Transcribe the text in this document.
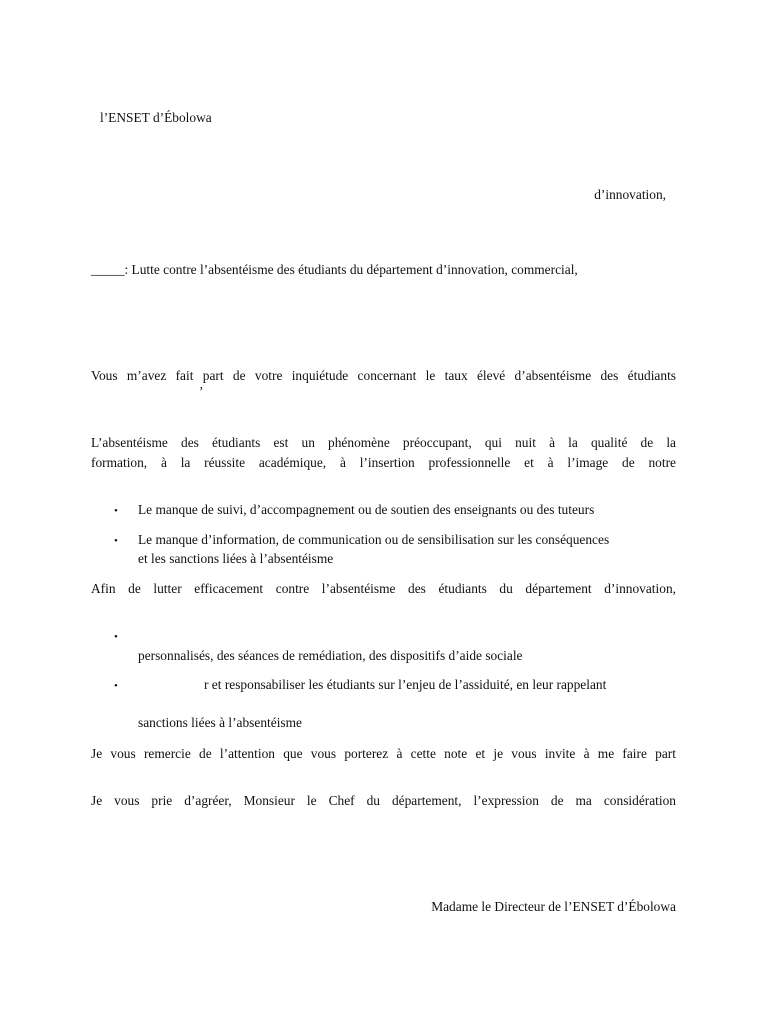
l’ENSET d’Ébolowa
d’innovation,
_____: Lutte contre l’absentéisme des étudiants du département d’innovation, commercial,
Vous m’avez fait part de votre inquiétude concernant le taux élevé d’absentéisme des étudiants
’
L’absentéisme des étudiants est un phénomène préoccupant, qui nuit à la qualité de la
formation, à la réussite académique, à l’insertion professionnelle et à l’image de notre
• Le manque de suivi, d’accompagnement ou de soutien des enseignants ou des tuteurs
• Le manque d’information, de communication ou de sensibilisation sur les conséquences
et les sanctions liées à l’absentéisme
Afin de lutter efficacement contre l’absentéisme des étudiants du département d’innovation,
•
personnalisés, des séances de remédiation, des dispositifs d’aide sociale
•	r et responsabiliser les étudiants sur l’enjeu de l’assiduité, en leur rappelant
sanctions liées à l’absentéisme
Je vous remercie de l’attention que vous porterez à cette note et je vous invite à me faire part
Je vous prie d’agréer, Monsieur le Chef du département, l’expression de ma considération
Madame le Directeur de l’ENSET d’Ébolowa
